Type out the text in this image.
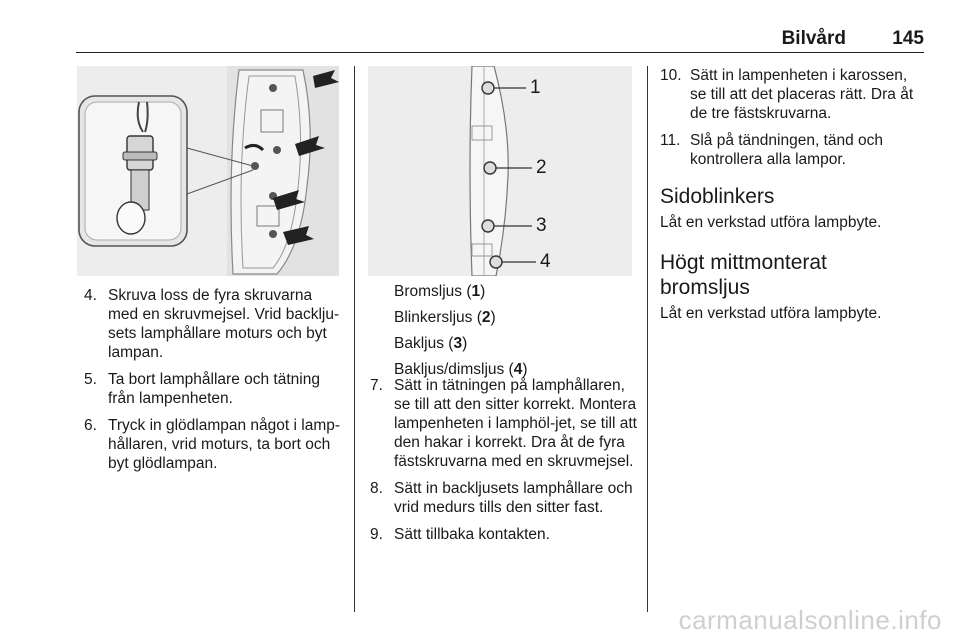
Bilvård 145
1
2
3
4
4. Skruva loss de fyra skruvarna med en skruvmejsel. Vrid backlju-sets lamphållare moturs och byt lampan.
5. Ta bort lamphållare och tätning från lampenheten.
6. Tryck in glödlampan något i lamp-hållaren, vrid moturs, ta bort och byt glödlampan.
Bromsljus (1)
Blinkersljus (2)
Bakljus (3)
Bakljus/dimsljus (4)
7. Sätt in tätningen på lamphållaren, se till att den sitter korrekt. Montera lampenheten i lamphöl-jet, se till att den hakar i korrekt. Dra åt de fyra fästskruvarna med en skruvmejsel.
8. Sätt in backljusets lamphållare och vrid medurs tills den sitter fast.
9. Sätt tillbaka kontakten.
10. Sätt in lampenheten i karossen, se till att det placeras rätt. Dra åt de tre fästskruvarna.
11. Slå på tändningen, tänd och kontrollera alla lampor.
Sidoblinkers

Låt en verkstad utföra lampbyte.

Högt mittmonterat bromsljus

Låt en verkstad utföra lampbyte.

carmanualsonline.info
